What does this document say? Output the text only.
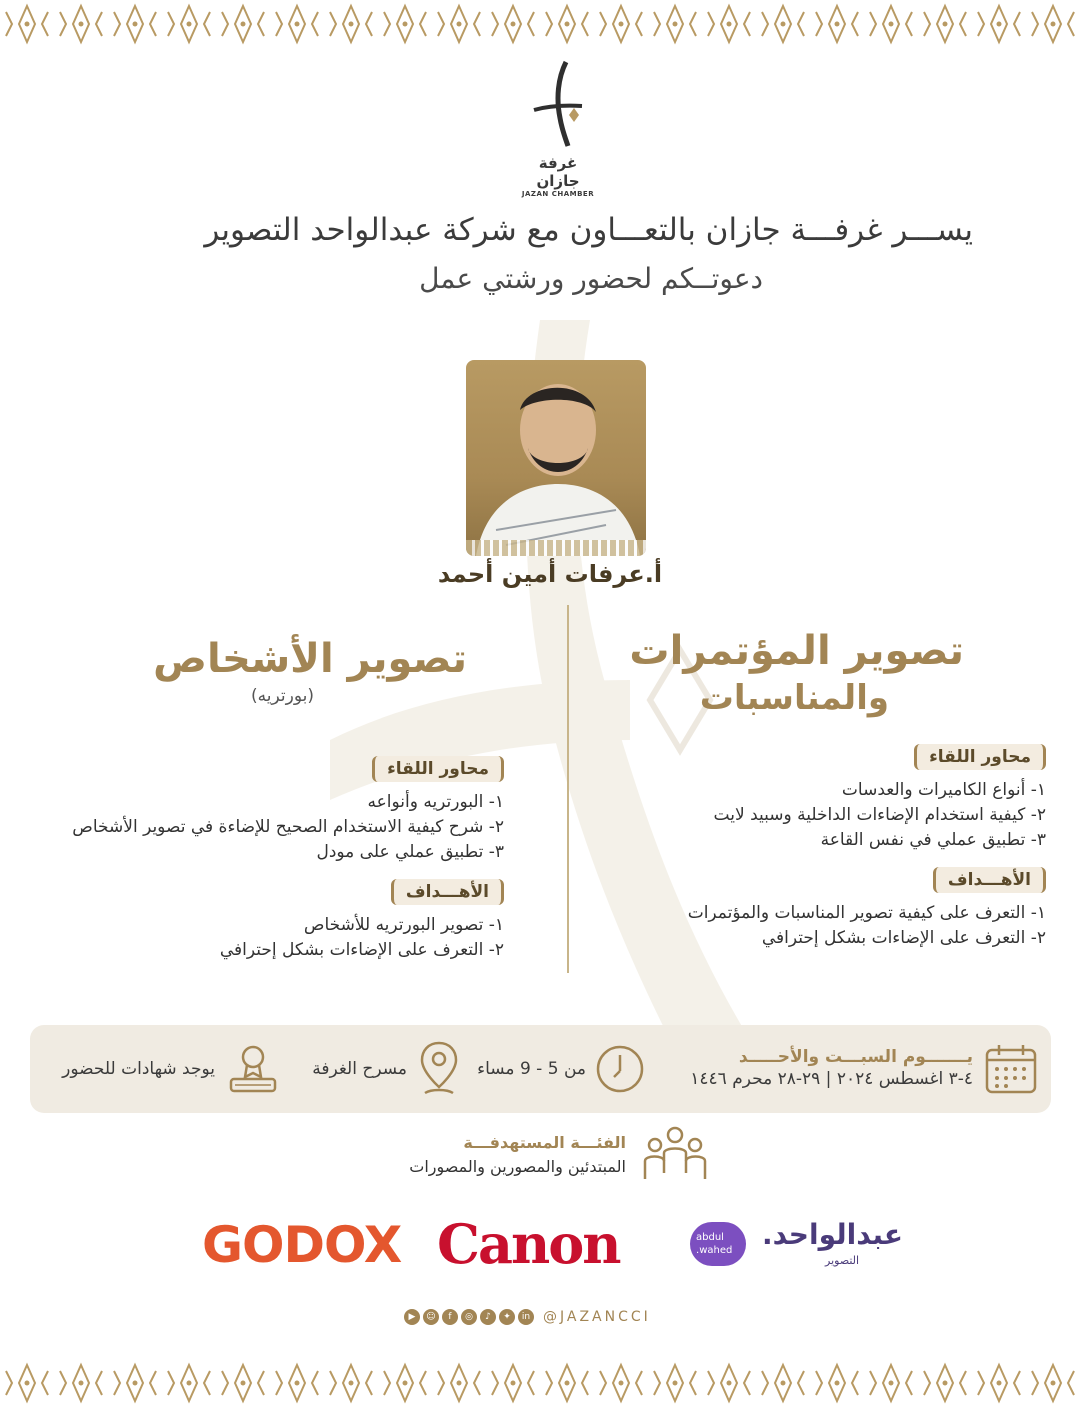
غرفة جازان
JAZAN CHAMBER
يســـر غرفـــة جازان بالتعـــاون مع شركة عبدالواحد التصوير
دعوتــكم لحضور ورشتي عمل
أ.عرفات أمين أحمد
تصوير المؤتمرات
والمناسبات
محاور اللقاء
١- أنواع الكاميرات والعدسات
٢- كيفية استخدام الإضاءات الداخلية وسبيد لايت
٣- تطبيق عملي في نفس القاعة
الأهـــداف
١- التعرف على كيفية تصوير المناسبات والمؤتمرات
٢- التعرف على الإضاءات بشكل إحترافي
تصوير الأشخاص
(بورتريه)
محاور اللقاء
١- البورتريه وأنواعه
٢- شرح كيفية الاستخدام الصحيح للإضاءة في تصوير الأشخاص
٣- تطبيق عملي على مودل
الأهـــداف
١- تصوير البورتريه للأشخاص
٢- التعرف على الإضاءات بشكل إحترافي
يـــــــوم السبـــت والأحـــــد
٤-٣ اغسطس ٢٠٢٤ | ٢٩-٢٨ محرم ١٤٤٦
من 5 - 9 مساء
مسرح الغرفة
يوجد شهادات للحضور
الفئـــة المستهدفـــة
المبتدئين والمصورين والمصورات
GODOX Canon	abdul wahed.	عبدالواحد.
التصوير
▶	☺	f	◎	♪	✦	in @JAZANCCI
